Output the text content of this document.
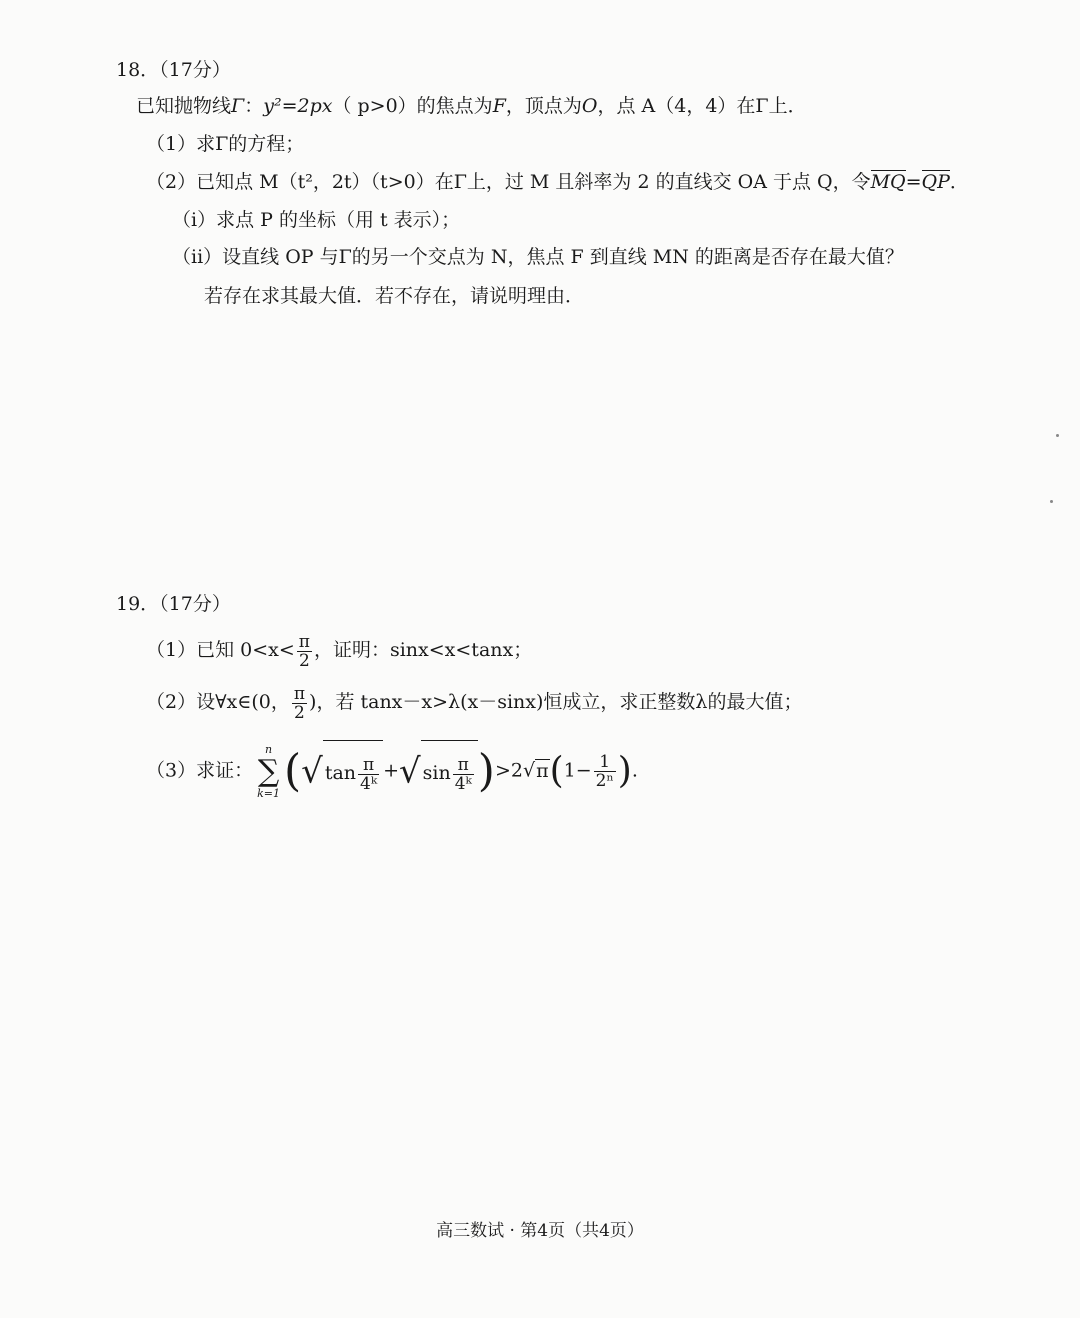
18．（17分）
已知抛物线Γ：y²=2px（ p>0）的焦点为F，顶点为O，点 A（4，4）在Γ上．
（1）求Γ的方程；
（2）已知点 M（t²，2t）（t>0）在Γ上，过 M 且斜率为 2 的直线交 OA 于点 Q，令MQ=QP．
（i）求点 P 的坐标（用 t 表示）；
（ii）设直线 OP 与Γ的另一个交点为 N，焦点 F 到直线 MN 的距离是否存在最大值？
若存在求其最大值．若不存在，请说明理由．
19．（17分）
（1）已知 $0<x< \frac{\pi}{2}$ ，证明：sinx<x<tanx；
（2）设∀x∈(0， $\frac{\pi}{2}$ )，若 tanx－x>λ(x－sinx)恒成立，求正整数λ的最大值；
（3）求证：
n
∑
k=1 (√ $\tan \frac{\pi}{\text{4ᵏ}}$ +√ $\sin \frac{\pi}{\text{4ᵏ}} )>2√\pi(1- \frac{1}{\text{2ⁿ}}$ ).
高三数试 · 第4页（共4页）
